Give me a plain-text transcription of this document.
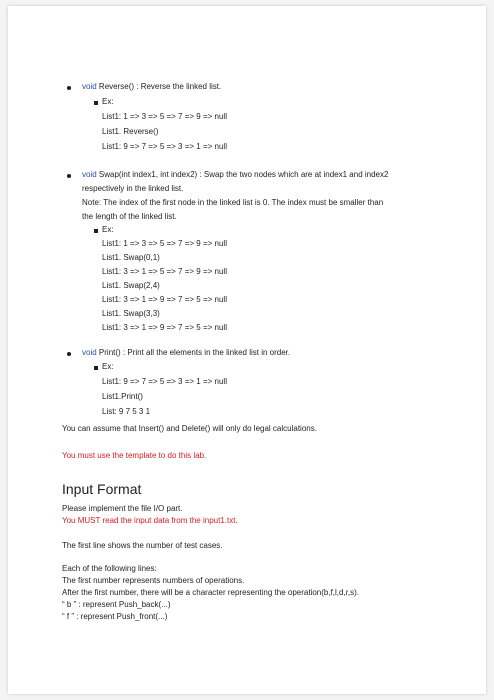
void Reverse() : Reverse the linked list.
Ex:
List1: 1 => 3 => 5 => 7 => 9 => null
List1. Reverse()
List1: 9 => 7 => 5 => 3 => 1 => null
void Swap(int index1, int index2) : Swap the two nodes which are at index1 and index2
respectively in the linked list.
Note: The index of the first node in the linked list is 0. The index must be smaller than
the length of the linked list.
Ex:
List1: 1 => 3 => 5 => 7 => 9 => null
List1. Swap(0,1)
List1: 3 => 1 => 5 => 7 => 9 => null
List1. Swap(2,4)
List1: 3 => 1 => 9 => 7 => 5 => null
List1. Swap(3,3)
List1: 3 => 1 => 9 => 7 => 5 => null
void Print() : Print all the elements in the linked list in order.
Ex:
List1: 9 => 7 => 5 => 3 => 1 => null
List1.Print()
List: 9 7 5 3 1
You can assume that Insert() and Delete() will only do legal calculations.
You must use the template to do this lab.
Input Format
Please implement the file I/O part.
You MUST read the input data from the input1.txt.
The first line shows the number of test cases.
Each of the following lines:
The first number represents numbers of operations.
After the first number, there will be a character representing the operation(b,f,l,d,r,s).
“ b ” : represent Push_back(...)
“ f ” : represent Push_front(...)
